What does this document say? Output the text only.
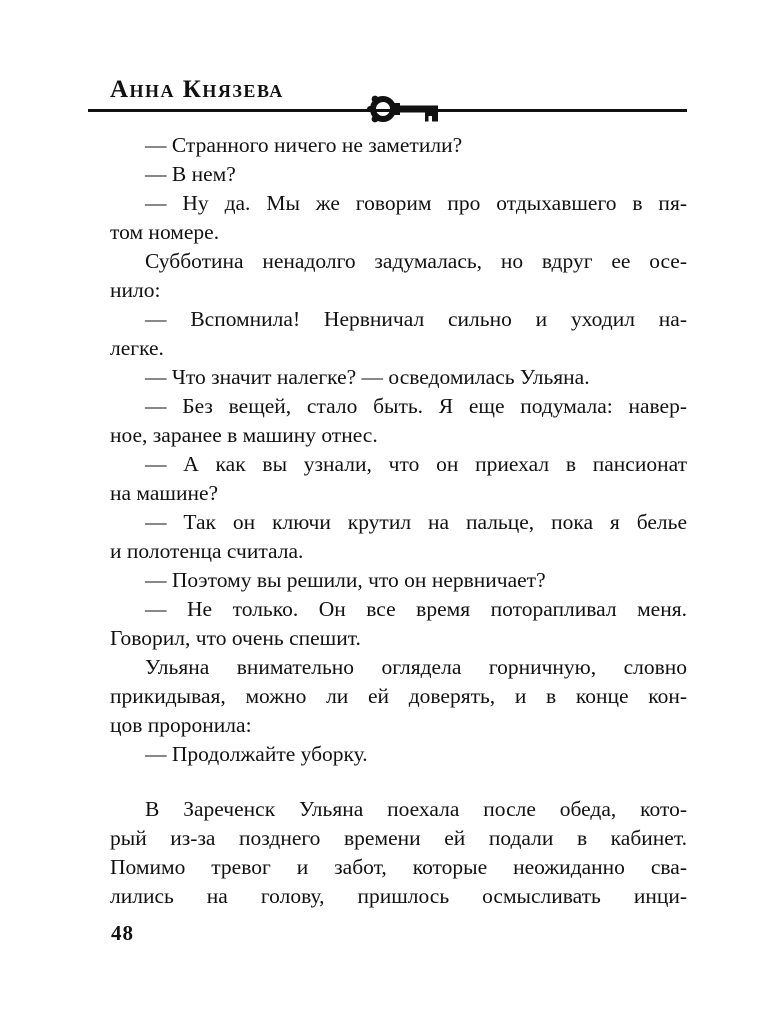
Анна Князева
— Странного ничего не заметили?
— В нем?
— Ну да. Мы же говорим про отдыхавшего в пя-
том номере.
Субботина ненадолго задумалась, но вдруг ее осе-
нило:
— Вспомнила! Нервничал сильно и уходил на-
легке.
— Что значит налегке? — осведомилась Ульяна.
— Без вещей, стало быть. Я еще подумала: навер-
ное, заранее в машину отнес.
— А как вы узнали, что он приехал в пансионат
на машине?
— Так он ключи крутил на пальце, пока я белье
и полотенца считала.
— Поэтому вы решили, что он нервничает?
— Не только. Он все время поторапливал меня.
Говорил, что очень спешит.
Ульяна внимательно оглядела горничную, словно
прикидывая, можно ли ей доверять, и в конце кон-
цов проронила:
— Продолжайте уборку.
В Зареченск Ульяна поехала после обеда, кото-
рый из-за позднего времени ей подали в кабинет.
Помимо тревог и забот, которые неожиданно сва-
лились на голову, пришлось осмысливать инци-
48
